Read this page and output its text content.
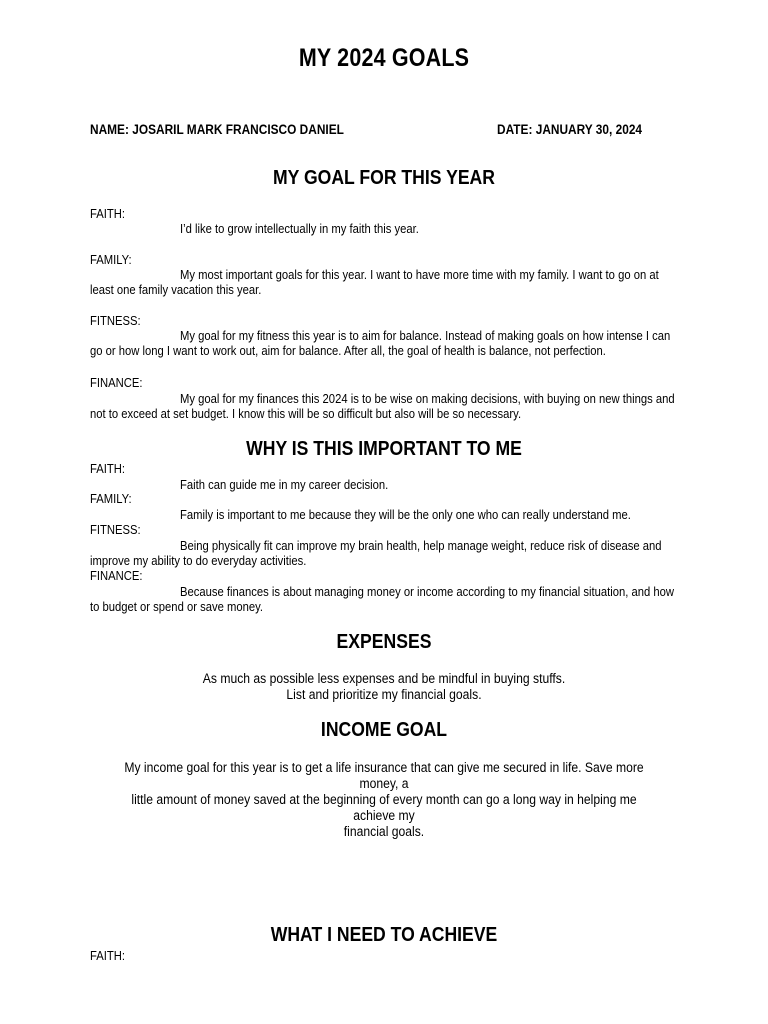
MY 2024 GOALS
NAME: JOSARIL MARK FRANCISCO DANIEL	DATE: JANUARY 30, 2024
MY GOAL FOR THIS YEAR
FAITH:
I’d like to grow intellectually in my faith this year.
FAMILY:
My most important goals for this year. I want to have more time with my family. I want to go on at least one family vacation this year.
FITNESS:
My goal for my fitness this year is to aim for balance. Instead of making goals on how intense I can go or how long I want to work out, aim for balance. After all, the goal of health is balance, not perfection.
FINANCE:
My goal for my finances this 2024 is to be wise on making decisions, with buying on new things and not to exceed at set budget. I know this will be so difficult but also will be so necessary.
WHY IS THIS IMPORTANT TO ME
FAITH:
Faith can guide me in my career decision.
FAMILY:
Family is important to me because they will be the only one who can really understand me.
FITNESS:
Being physically fit can improve my brain health, help manage weight, reduce risk of disease and improve my ability to do everyday activities.
FINANCE:
Because finances is about managing money or income according to my financial situation, and how to budget or spend or save money.
EXPENSES
As much as possible less expenses and be mindful in buying stuffs.
List and prioritize my financial goals.
INCOME GOAL
My income goal for this year is to get a life insurance that can give me secured in life. Save more money, a
little amount of money saved at the beginning of every month can go a long way in helping me achieve my
financial goals.
WHAT I NEED TO ACHIEVE
FAITH:
